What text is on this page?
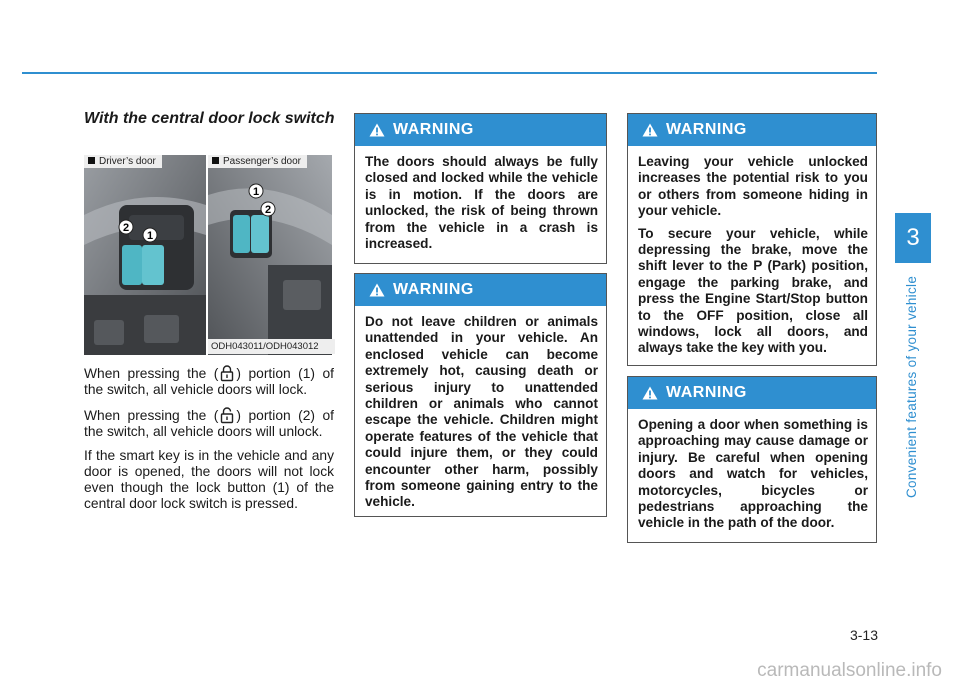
3
Convenient features of your vehicle
With the central door lock switch
Driver’s door
2
1
Passenger’s door
1
2
ODH043011/ODH043012

When pressing the ( ) portion (1) of the switch, all vehicle doors will lock.

When pressing the ( ) portion (2) of the switch, all vehicle doors will unlock.

If the smart key is in the vehicle and any door is opened, the doors will not lock even though the lock button (1) of the central door lock switch is pressed.

WARNING

The doors should always be fully closed and locked while the vehicle is in motion. If the doors are unlocked, the risk of being thrown from the vehicle in a crash is increased.

WARNING

Do not leave children or animals unattended in your vehicle. An enclosed vehicle can become extremely hot, causing death or serious injury to unattended children or animals who cannot escape the vehicle. Children might operate features of the vehicle that could injure them, or they could encounter other harm, possibly from someone gaining entry to the vehicle.

WARNING

Leaving your vehicle unlocked increases the potential risk to you or others from someone hiding in your vehicle.

To secure your vehicle, while depressing the brake, move the shift lever to the P (Park) position, engage the parking brake, and press the Engine Start/Stop button to the OFF position, close all windows, lock all doors, and always take the key with you.

WARNING

Opening a door when something is approaching may cause damage or injury. Be careful when opening doors and watch for vehicles, motorcycles, bicycles or pedestrians approaching the vehicle in the path of the door.

3-13
carmanualsonline.info
